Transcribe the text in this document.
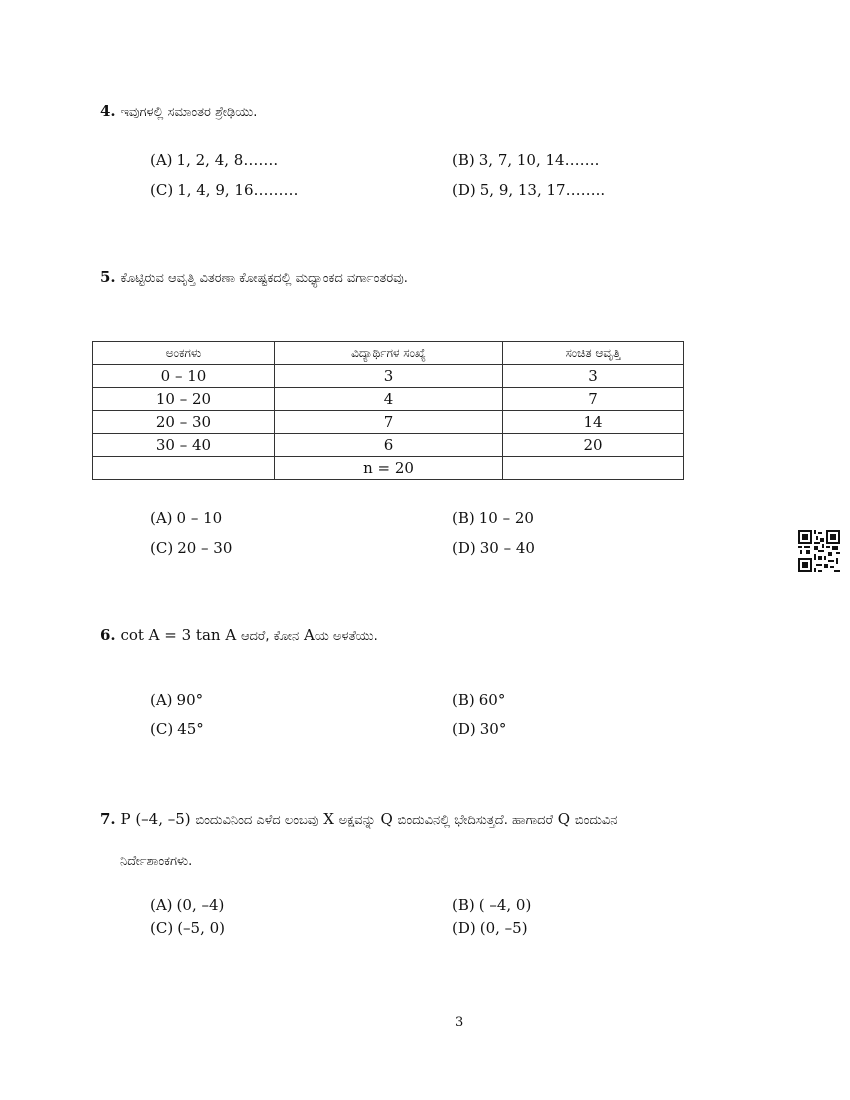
4. ಇವುಗಳಲ್ಲಿ ಸಮಾಂತರ ಶ್ರೇಢಿಯು.
(A) 1, 2, 4, 8…….	(B) 3, 7, 10, 14…….
(C) 1, 4, 9, 16………	(D) 5, 9, 13, 17……..
5. ಕೊಟ್ಟಿರುವ ಆವೃತ್ತಿ ವಿತರಣಾ ಕೋಷ್ಟಕದಲ್ಲಿ ಮಧ್ಯಾಂಕದ ವರ್ಗಾಂತರವು.
ಅಂಕಗಳು	ವಿದ್ಯಾರ್ಥಿಗಳ ಸಂಖ್ಯೆ	ಸಂಚಿತ ಆವೃತ್ತಿ
0 – 10	3	3
10 – 20	4	7
20 – 30	7	14
30 – 40	6	20
	n = 20	
(A) 0 – 10	(B) 10 – 20
(C) 20 – 30	(D) 30 – 40
6. cot A = 3 tan A ಆದರೆ, ಕೋನ Aಯ ಅಳತೆಯು.
(A) 90°	(B) 60°
(C) 45°	(D) 30°
7. P (–4, –5) ಬಿಂದುವಿನಿಂದ ಎಳೆದ ಲಂಬವು X ಅಕ್ಷವನ್ನು Q ಬಿಂದುವಿನಲ್ಲಿ ಭೇದಿಸುತ್ತದೆ. ಹಾಗಾದರೆ Q ಬಿಂದುವಿನ
ನಿರ್ದೇಶಾಂಕಗಳು.
(A) (0, –4)	(B) ( –4, 0)
(C) (–5, 0)	(D) (0, –5)
3
